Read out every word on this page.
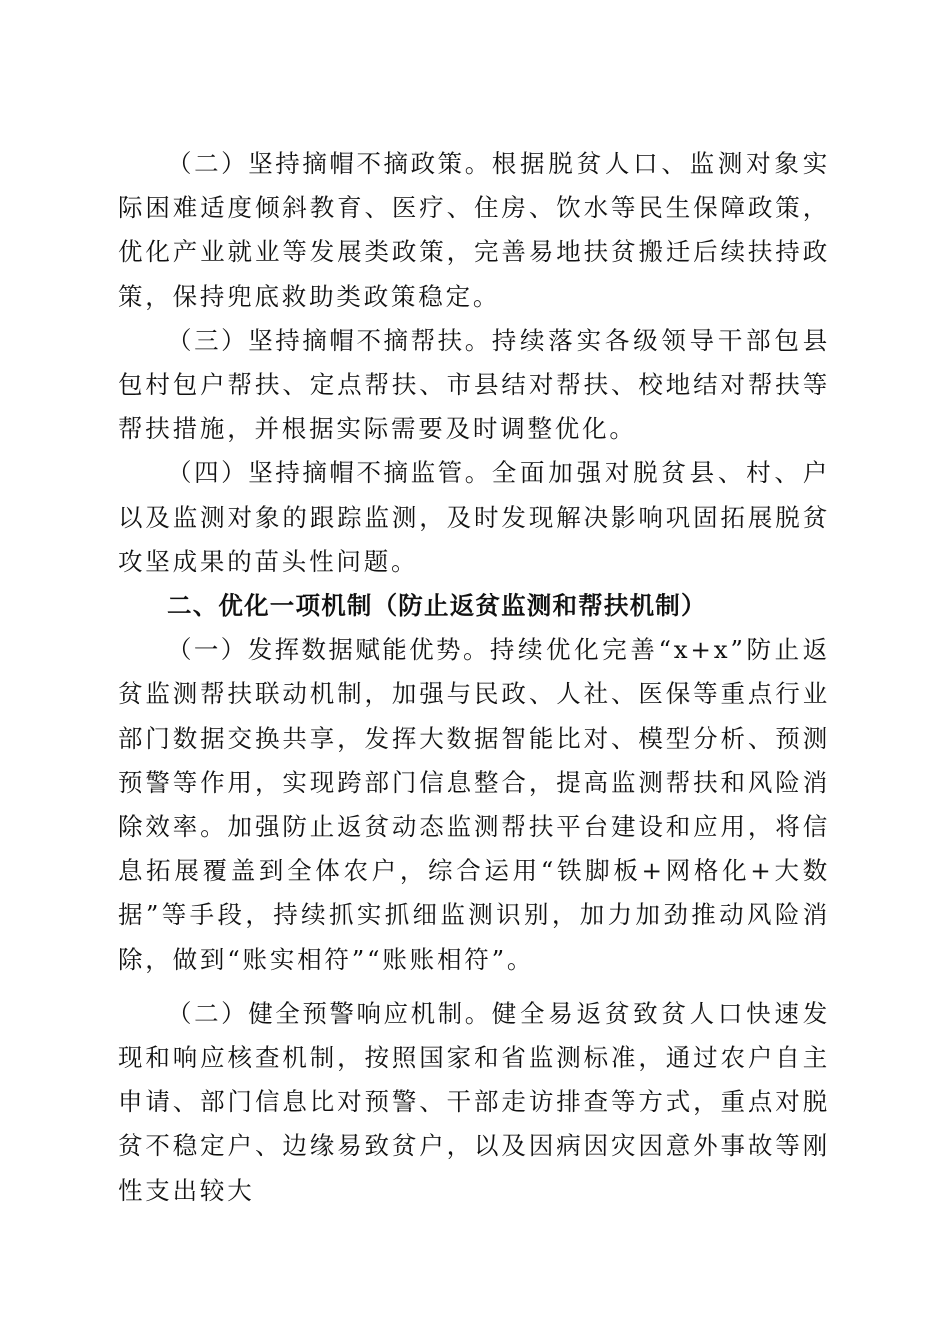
（二）坚持摘帽不摘政策。根据脱贫人口、监测对象实际困难适度倾斜教育、医疗、住房、饮水等民生保障政策，优化产业就业等发展类政策，完善易地扶贫搬迁后续扶持政策，保持兜底救助类政策稳定。

（三）坚持摘帽不摘帮扶。持续落实各级领导干部包县包村包户帮扶、定点帮扶、市县结对帮扶、校地结对帮扶等帮扶措施，并根据实际需要及时调整优化。

（四）坚持摘帽不摘监管。全面加强对脱贫县、村、户以及监测对象的跟踪监测，及时发现解决影响巩固拓展脱贫攻坚成果的苗头性问题。

二、优化一项机制（防止返贫监测和帮扶机制）

（一）发挥数据赋能优势。持续优化完善“x+x”防止返贫监测帮扶联动机制，加强与民政、人社、医保等重点行业部门数据交换共享，发挥大数据智能比对、模型分析、预测预警等作用，实现跨部门信息整合，提高监测帮扶和风险消除效率。加强防止返贫动态监测帮扶平台建设和应用，将信息拓展覆盖到全体农户，综合运用“铁脚板+网格化+大数据”等手段，持续抓实抓细监测识别，加力加劲推动风险消除，做到“账实相符”“账账相符”。

（二）健全预警响应机制。健全易返贫致贫人口快速发现和响应核查机制，按照国家和省监测标准，通过农户自主申请、部门信息比对预警、干部走访排查等方式，重点对脱贫不稳定户、边缘易致贫户，以及因病因灾因意外事故等刚性支出较大
